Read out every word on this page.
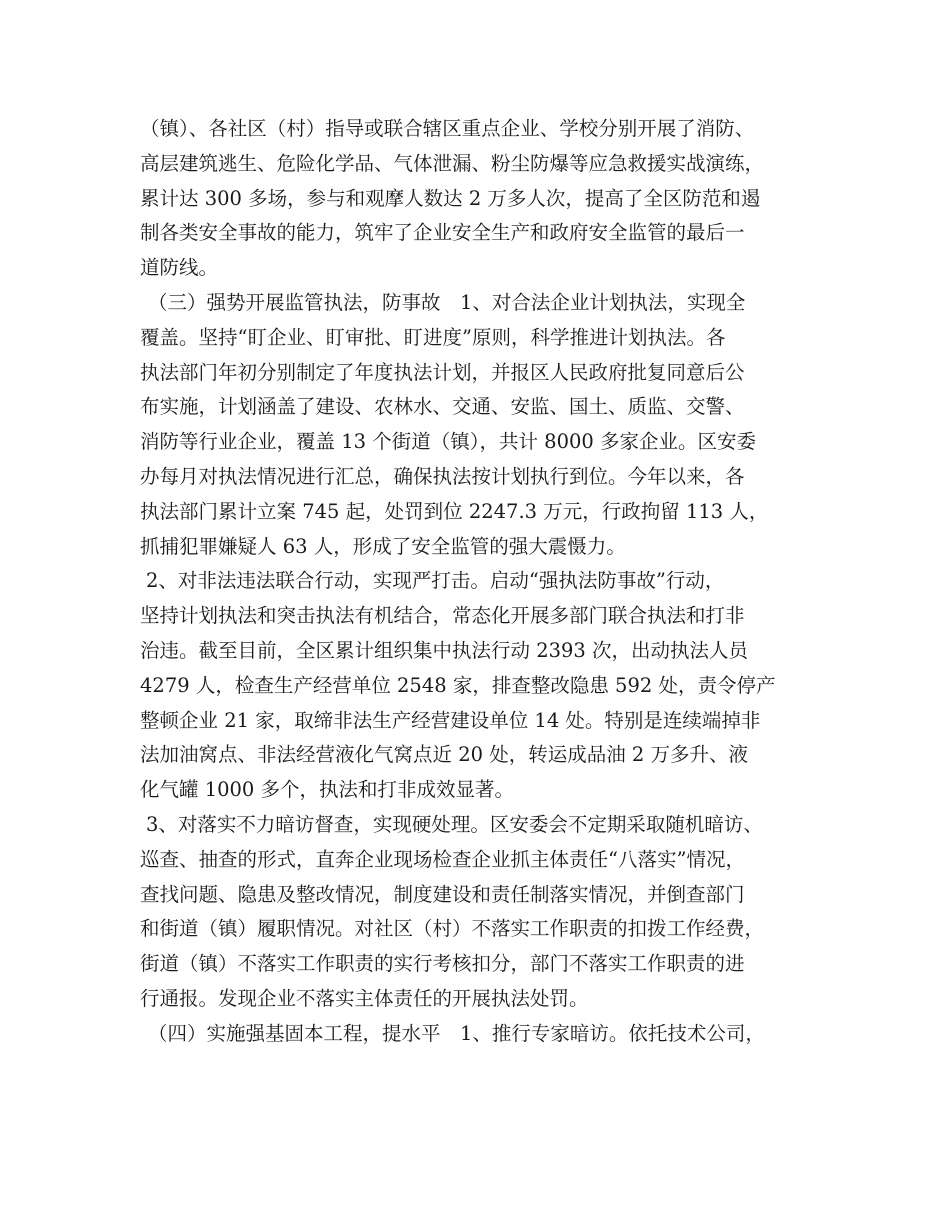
（镇）、各社区（村）指导或联合辖区重点企业、学校分别开展了消防、
高层建筑逃生、危险化学品、气体泄漏、粉尘防爆等应急救援实战演练，
累计达 300 多场，参与和观摩人数达 2 万多人次，提高了全区防范和遏
制各类安全事故的能力，筑牢了企业安全生产和政府安全监管的最后一
道防线。
（三）强势开展监管执法，防事故　1、对合法企业计划执法，实现全
覆盖。坚持“盯企业、盯审批、盯进度”原则，科学推进计划执法。各
执法部门年初分别制定了年度执法计划，并报区人民政府批复同意后公
布实施，计划涵盖了建设、农林水、交通、安监、国土、质监、交警、
消防等行业企业，覆盖 13 个街道（镇），共计 8000 多家企业。区安委
办每月对执法情况进行汇总，确保执法按计划执行到位。今年以来，各
执法部门累计立案 745 起，处罚到位 2247.3 万元，行政拘留 113 人，
抓捕犯罪嫌疑人 63 人，形成了安全监管的强大震慑力。
2、对非法违法联合行动，实现严打击。启动“强执法防事故”行动，
坚持计划执法和突击执法有机结合，常态化开展多部门联合执法和打非
治违。截至目前，全区累计组织集中执法行动 2393 次，出动执法人员
4279 人，检查生产经营单位 2548 家，排查整改隐患 592 处，责令停产
整顿企业 21 家，取缔非法生产经营建设单位 14 处。特别是连续端掉非
法加油窝点、非法经营液化气窝点近 20 处，转运成品油 2 万多升、液
化气罐 1000 多个，执法和打非成效显著。
3、对落实不力暗访督查，实现硬处理。区安委会不定期采取随机暗访、
巡查、抽查的形式，直奔企业现场检查企业抓主体责任“八落实”情况，
查找问题、隐患及整改情况，制度建设和责任制落实情况，并倒查部门
和街道（镇）履职情况。对社区（村）不落实工作职责的扣拨工作经费，
街道（镇）不落实工作职责的实行考核扣分，部门不落实工作职责的进
行通报。发现企业不落实主体责任的开展执法处罚。
（四）实施强基固本工程，提水平　1、推行专家暗访。依托技术公司，
